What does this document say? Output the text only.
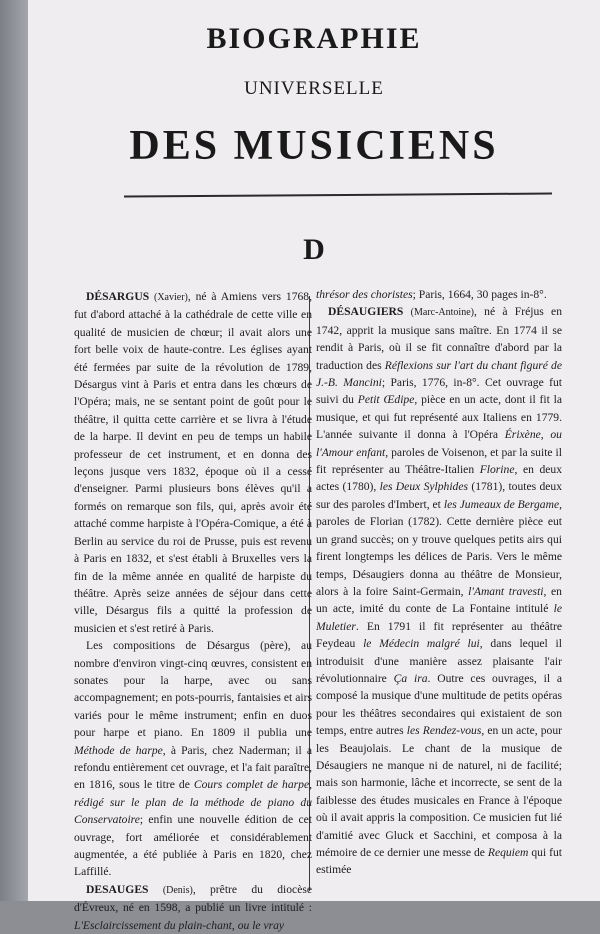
BIOGRAPHIE
UNIVERSELLE
DES MUSICIENS
D

DÉSARGUS (Xavier), né à Amiens vers 1768, fut d'abord attaché à la cathédrale de cette ville en qualité de musicien de chœur; il avait alors une fort belle voix de haute-contre. Les églises ayant été fermées par suite de la révolution de 1789, Désargus vint à Paris et entra dans les chœurs de l'Opéra; mais, ne se sentant point de goût pour le théâtre, il quitta cette carrière et se livra à l'étude de la harpe. Il devint en peu de temps un habile professeur de cet instrument, et en donna des leçons jusque vers 1832, époque où il a cessé d'enseigner. Parmi plusieurs bons élèves qu'il a formés on remarque son fils, qui, après avoir été attaché comme harpiste à l'Opéra-Comique, a été à Berlin au service du roi de Prusse, puis est revenu à Paris en 1832, et s'est établi à Bruxelles vers la fin de la même année en qualité de harpiste du théâtre. Après seize années de séjour dans cette ville, Désargus fils a quitté la profession de musicien et s'est retiré à Paris.

Les compositions de Désargus (père), au nombre d'environ vingt-cinq œuvres, consistent en sonates pour la harpe, avec ou sans accompagnement; en pots-pourris, fantaisies et airs variés pour le même instrument; enfin en duos pour harpe et piano. En 1809 il publia une Méthode de harpe, à Paris, chez Naderman; il a refondu entièrement cet ouvrage, et l'a fait paraître, en 1816, sous le titre de Cours complet de harpe, rédigé sur le plan de la méthode de piano du Conservatoire; enfin une nouvelle édition de cet ouvrage, fort améliorée et considérablement augmentée, a été publiée à Paris en 1820, chez Laffillé.

DESAUGES (Denis), prêtre du diocèse d'Évreux, né en 1598, a publié un livre intitulé : L'Esclaircissement du plain-chant, ou le vray

thrésor des choristes; Paris, 1664, 30 pages in-8°.

DÉSAUGIERS (Marc-Antoine), né à Fréjus en 1742, apprit la musique sans maître. En 1774 il se rendit à Paris, où il se fit connaître d'abord par la traduction des Réflexions sur l'art du chant figuré de J.-B. Mancini; Paris, 1776, in-8°. Cet ouvrage fut suivi du Petit Œdipe, pièce en un acte, dont il fit la musique, et qui fut représenté aux Italiens en 1779. L'année suivante il donna à l'Opéra Érixène, ou l'Amour enfant, paroles de Voisenon, et par la suite il fit représenter au Théâtre-Italien Florine, en deux actes (1780), les Deux Sylphides (1781), toutes deux sur des paroles d'Imbert, et les Jumeaux de Bergame, paroles de Florian (1782). Cette dernière pièce eut un grand succès; on y trouve quelques petits airs qui firent longtemps les délices de Paris. Vers le même temps, Désaugiers donna au théâtre de Monsieur, alors à la foire Saint-Germain, l'Amant travesti, en un acte, imité du conte de La Fontaine intitulé le Muletier. En 1791 il fit représenter au théâtre Feydeau le Médecin malgré lui, dans lequel il introduisit d'une manière assez plaisante l'air révolutionnaire Ça ira. Outre ces ouvrages, il a composé la musique d'une multitude de petits opéras pour les théâtres secondaires qui existaient de son temps, entre autres les Rendez-vous, en un acte, pour les Beaujolais. Le chant de la musique de Désaugiers ne manque ni de naturel, ni de facilité; mais son harmonie, lâche et incorrecte, se sent de la faiblesse des études musicales en France à l'époque où il avait appris la composition. Ce musicien fut lié d'amitié avec Gluck et Sacchini, et composa à la mémoire de ce dernier une messe de Requiem qui fut estimée
